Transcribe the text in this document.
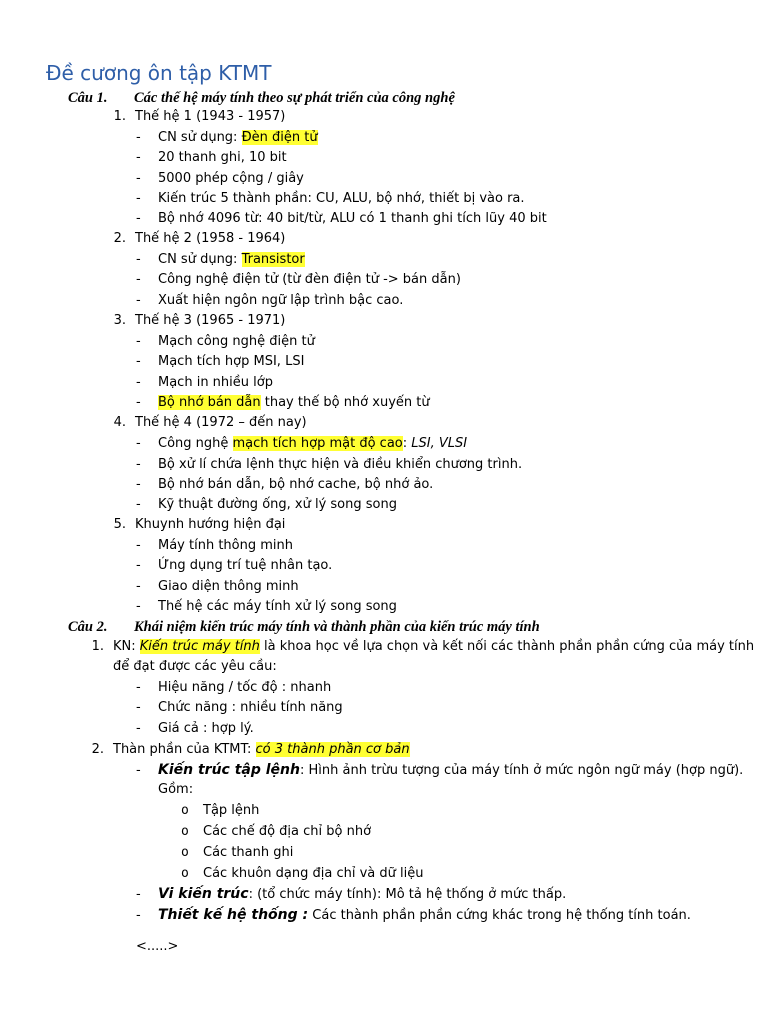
Đề cương ôn tập KTMT
Câu 1. Các thế hệ máy tính theo sự phát triển của công nghệ
1. Thế hệ 1 (1943 - 1957)
- CN sử dụng: Đèn điện tử
- 20 thanh ghi, 10 bit
- 5000 phép cộng / giây
- Kiến trúc 5 thành phần: CU, ALU, bộ nhớ, thiết bị vào ra.
- Bộ nhớ 4096 từ: 40 bit/từ, ALU có 1 thanh ghi tích lũy 40 bit
2. Thế hệ 2 (1958 - 1964)
- CN sử dụng: Transistor
- Công nghệ điện tử (từ đèn điện tử -> bán dẫn)
- Xuất hiện ngôn ngữ lập trình bậc cao.
3. Thế hệ 3 (1965 - 1971)
- Mạch công nghệ điện tử
- Mạch tích hợp MSI, LSI
- Mạch in nhiều lớp
- Bộ nhớ bán dẫn thay thế bộ nhớ xuyến từ
4. Thế hệ 4 (1972 – đến nay)
- Công nghệ mạch tích hợp mật độ cao: LSI, VLSI
- Bộ xử lí chứa lệnh thực hiện và điều khiển chương trình.
- Bộ nhớ bán dẫn, bộ nhớ cache, bộ nhớ ảo.
- Kỹ thuật đường ống, xử lý song song
5. Khuynh hướng hiện đại
- Máy tính thông minh
- Ứng dụng trí tuệ nhân tạo.
- Giao diện thông minh
- Thế hệ các máy tính xử lý song song
Câu 2. Khái niệm kiến trúc máy tính và thành phần của kiến trúc máy tính
1. KN: Kiến trúc máy tính là khoa học về lựa chọn và kết nối các thành phần phần cứng của máy tính
để đạt được các yêu cầu:
- Hiệu năng / tốc độ : nhanh
- Chức năng : nhiều tính năng
- Giá cả : hợp lý.
2. Thàn phần của KTMT: có 3 thành phần cơ bản
- Kiến trúc tập lệnh: Hình ảnh trừu tượng của máy tính ở mức ngôn ngữ máy (hợp ngữ).
Gồm:
o Tập lệnh
o Các chế độ địa chỉ bộ nhớ
o Các thanh ghi
o Các khuôn dạng địa chỉ và dữ liệu
- Vi kiến trúc: (tổ chức máy tính): Mô tả hệ thống ở mức thấp.
- Thiết kế hệ thống : Các thành phần phần cứng khác trong hệ thống tính toán.
<.....>
